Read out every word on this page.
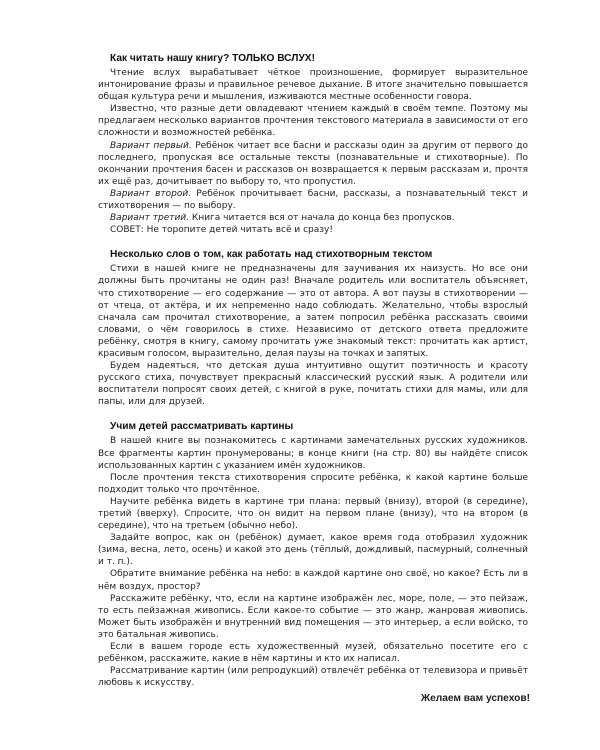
Как читать нашу книгу? ТОЛЬКО ВСЛУХ!

Чтение вслух вырабатывает чёткое произношение, формирует выразительное интонирование фразы и правильное речевое дыхание. В итоге значительно повышается общая культура речи и мышления, изживаются местные особенности говора.

Известно, что разные дети овладевают чтением каждый в своём темпе. Поэтому мы предлагаем несколько вариантов прочтения текстового материала в зависимости от его сложности и возможностей ребёнка.

Вариант первый. Ребёнок читает все басни и рассказы один за другим от первого до последнего, пропуская все остальные тексты (познавательные и стихотворные). По окончании прочтения басен и рассказов он возвращается к первым рассказам и, прочтя их ещё раз, дочитывает по выбору то, что пропустил.

Вариант второй. Ребёнок прочитывает басни, рассказы, а познавательный текст и стихотворения — по выбору.

Вариант третий. Книга читается вся от начала до конца без пропусков.

СОВЕТ: Не торопите детей читать всё и сразу!

Несколько слов о том, как работать над стихотворным текстом

Стихи в нашей книге не предназначены для заучивания их наизусть. Но все они должны быть прочитаны не один раз! Вначале родитель или воспитатель объясняет, что стихотворение — его содержание — это от автора. А вот паузы в стихотворении — от чтеца, от актёра, и их непременно надо соблюдать. Желательно, чтобы взрослый сначала сам прочитал стихотворение, а затем попросил ребёнка рассказать своими словами, о чём говорилось в стихе. Независимо от детского ответа предложите ребёнку, смотря в книгу, самому прочитать уже знакомый текст: прочитать как артист, красивым голосом, выразительно, делая паузы на точках и запятых.

Будем надеяться, что детская душа интуитивно ощутит поэтичность и красоту русского стиха, почувствует прекрасный классический русский язык. А родители или воспитатели попросят своих детей, с книгой в руке, почитать стихи для мамы, или для папы, или для друзей.

Учим детей рассматривать картины

В нашей книге вы познакомитесь с картинами замечательных русских художников. Все фрагменты картин пронумерованы; в конце книги (на стр. 80) вы найдёте список использованных картин с указанием имён художников.

После прочтения текста стихотворения спросите ребёнка, к какой картине больше подходит только что прочтённое.

Научите ребёнка видеть в картине три плана: первый (внизу), второй (в середине), третий (вверху). Спросите, что он видит на первом плане (внизу), что на втором (в середине), что на третьем (обычно небо).

Задайте вопрос, как он (ребёнок) думает, какое время года отобразил художник (зима, весна, лето, осень) и какой это день (тёплый, дождливый, пасмурный, солнечный и т. п.).

Обратите внимание ребёнка на небо: в каждой картине оно своё, но какое? Есть ли в нём воздух, простор?

Расскажите ребёнку, что, если на картине изображён лес, море, поле, — это пейзаж, то есть пейзажная живопись. Если какое-то событие — это жанр, жанровая живопись. Может быть изображён и внутренний вид помещения — это интерьер, а если войско, то это батальная живопись.

Если в вашем городе есть художественный музей, обязательно посетите его с ребёнком, расскажите, какие в нём картины и кто их написал.

Рассматривание картин (или репродукций) отвлечёт ребёнка от телевизора и привьёт любовь к искусству.

Желаем вам успехов!
